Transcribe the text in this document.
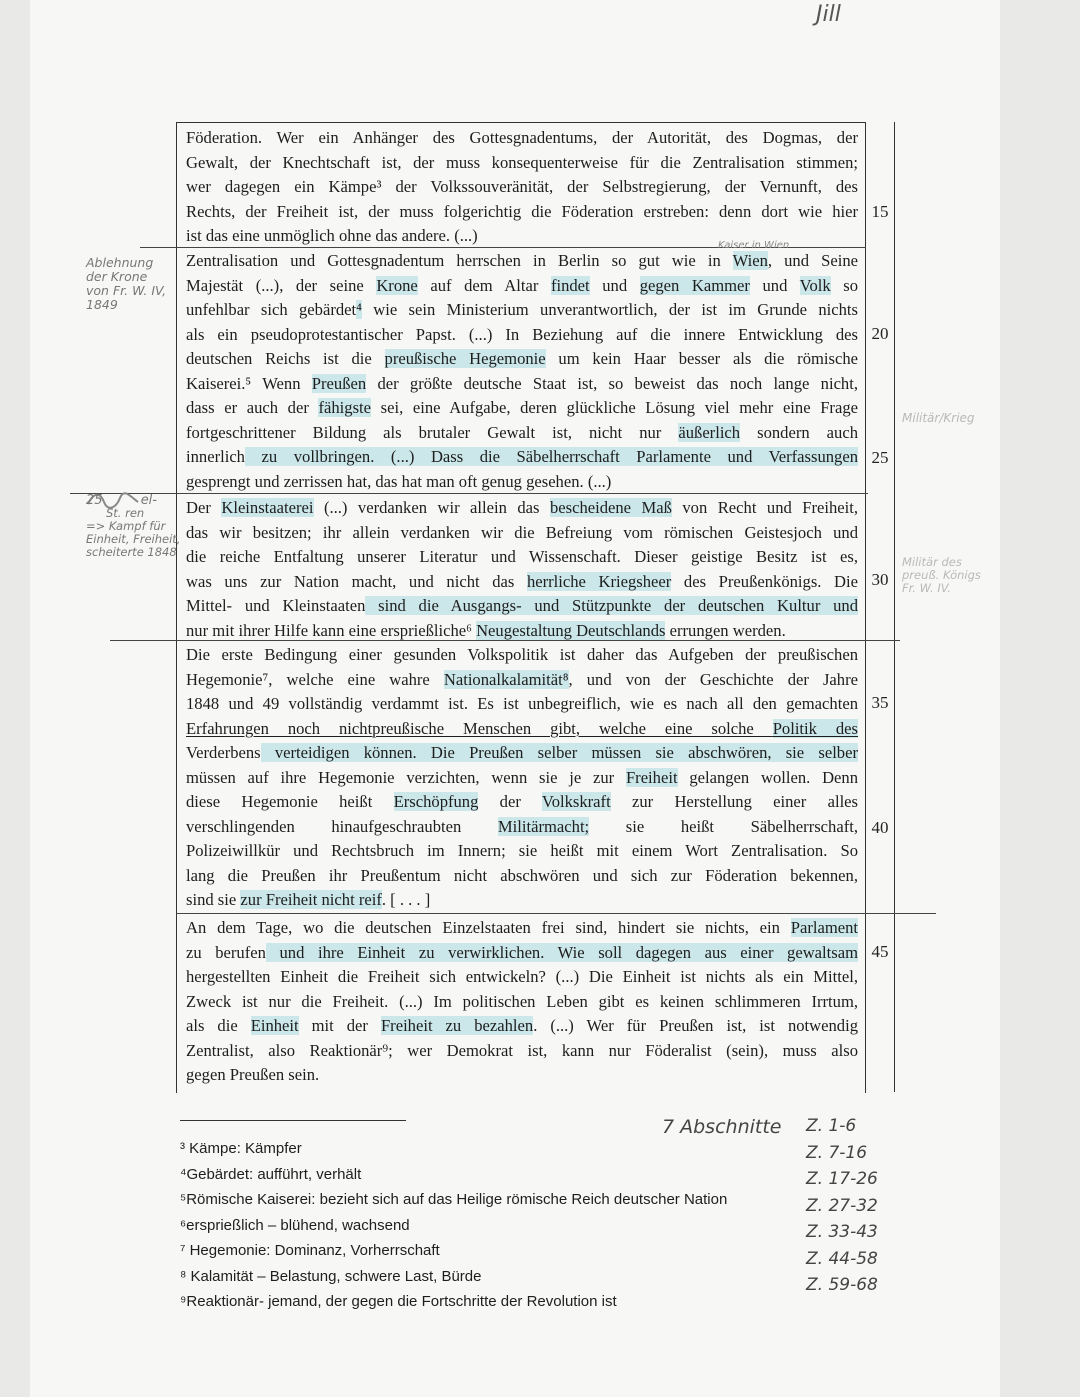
Jill
Föderation. Wer ein Anhänger des Gottesgnadentums, der Autorität, des Dogmas, der
Gewalt, der Knechtschaft ist, der muss konsequenterweise für die Zentralisation stimmen;
wer dagegen ein Kämpe³ der Volkssouveränität, der Selbstregierung, der Vernunft, des
Rechts, der Freiheit ist, der muss folgerichtig die Föderation erstreben: denn dort wie hier
ist das eine unmöglich ohne das andere. (...)
Kaiser in Wien
Zentralisation und Gottesgnadentum herrschen in Berlin so gut wie in Wien, und Seine
Majestät (...), der seine Krone auf dem Altar findet und gegen Kammer und Volk so
unfehlbar sich gebärdet⁴ wie sein Ministerium unverantwortlich, der ist im Grunde nichts
als ein pseudoprotestantischer Papst. (...) In Beziehung auf die innere Entwicklung des
deutschen Reichs ist die preußische Hegemonie um kein Haar besser als die römische
Kaiserei.⁵ Wenn Preußen der größte deutsche Staat ist, so beweist das noch lange nicht,
dass er auch der fähigste sei, eine Aufgabe, deren glückliche Lösung viel mehr eine Frage
fortgeschrittener Bildung als brutaler Gewalt ist, nicht nur äußerlich sondern auch
innerlich zu vollbringen. (...) Dass die Säbelherrschaft Parlamente und Verfassungen
gesprengt und zerrissen hat, das hat man oft genug gesehen. (...)
Der Kleinstaaterei (...) verdanken wir allein das bescheidene Maß von Recht und Freiheit,
das wir besitzen; ihr allein verdanken wir die Befreiung vom römischen Geistesjoch und
die reiche Entfaltung unserer Literatur und Wissenschaft. Dieser geistige Besitz ist es,
was uns zur Nation macht, und nicht das herrliche Kriegsheer des Preußenkönigs. Die
Mittel- und Kleinstaaten sind die Ausgangs- und Stützpunkte der deutschen Kultur und
nur mit ihrer Hilfe kann eine ersprießliche⁶ Neugestaltung Deutschlands errungen werden.
Die erste Bedingung einer gesunden Volkspolitik ist daher das Aufgeben der preußischen
Hegemonie⁷, welche eine wahre Nationalkalamität⁸, und von der Geschichte der Jahre
1848 und 49 vollständig verdammt ist. Es ist unbegreiflich, wie es nach all den gemachten
Erfahrungen noch nichtpreußische Menschen gibt, welche eine solche Politik des
Verderbens verteidigen können. Die Preußen selber müssen sie abschwören, sie selber
müssen auf ihre Hegemonie verzichten, wenn sie je zur Freiheit gelangen wollen. Denn
diese Hegemonie heißt Erschöpfung der Volkskraft zur Herstellung einer alles
verschlingenden hinaufgeschraubten Militärmacht; sie heißt Säbelherrschaft,
Polizeiwillkür und Rechtsbruch im Innern; sie heißt mit einem Wort Zentralisation. So
lang die Preußen ihr Preußentum nicht abschwören und sich zur Föderation bekennen,
sind sie zur Freiheit nicht reif. [ . . . ]
An dem Tage, wo die deutschen Einzelstaaten frei sind, hindert sie nichts, ein Parlament
zu berufen und ihre Einheit zu verwirklichen. Wie soll dagegen aus einer gewaltsam
hergestellten Einheit die Freiheit sich entwickeln? (...) Die Einheit ist nichts als ein Mittel,
Zweck ist nur die Freiheit. (...) Im politischen Leben gibt es keinen schlimmeren Irrtum,
als die Einheit mit der Freiheit zu bezahlen. (...) Wer für Preußen ist, ist notwendig
Zentralist, also Reaktionär⁹; wer Demokrat ist, kann nur Föderalist (sein), muss also
gegen Preußen sein.
15
20
25
30
35
40
45
Ablehnung
der Krone
von Fr. W. IV,
1849
25	el-
St. ren
=> Kampf für
Einheit, Freiheit,
scheiterte 1848
Militär/Krieg
Militär des
preuß. Königs
Fr. W. IV.
³ Kämpe: Kämpfer
⁴Gebärdet: aufführt, verhält
⁵Römische Kaiserei: bezieht sich auf das Heilige römische Reich deutscher Nation
⁶ersprießlich – blühend, wachsend
⁷ Hegemonie: Dominanz, Vorherrschaft
⁸ Kalamität – Belastung, schwere Last, Bürde
⁹Reaktionär- jemand, der gegen die Fortschritte der Revolution ist
7 Abschnitte Z. 1-6
Z. 7-16
Z. 17-26
Z. 27-32
Z. 33-43
Z. 44-58
Z. 59-68
